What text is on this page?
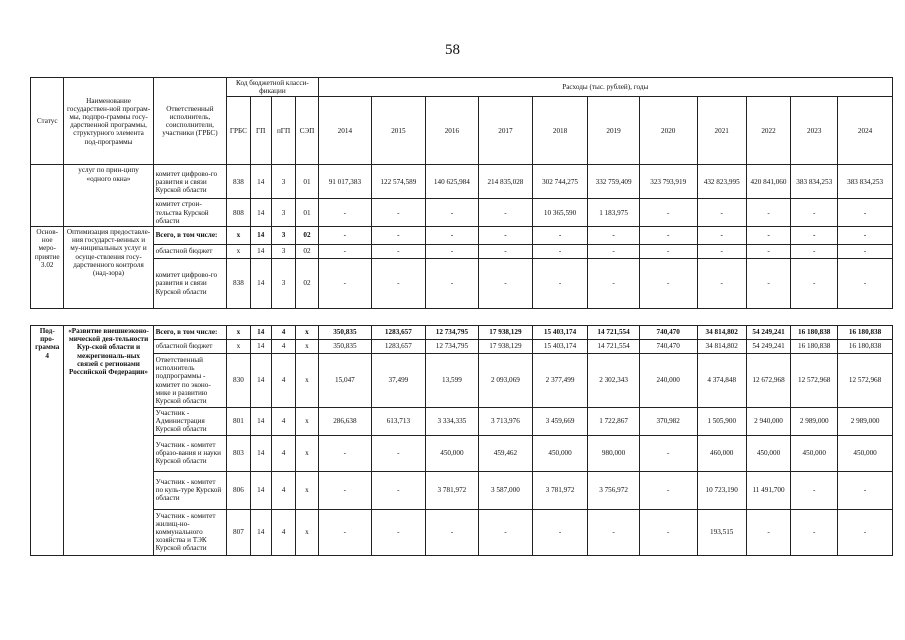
58
Статус	Наименование государствен-ной програм-мы, подпро-граммы госу-дарственной программы, структурного элемента под-программы	Ответственный исполнитель, соисполнители, участники (ГРБС)	Код бюджетной класси-фикации				Расходы (тыс. рублей), годы										
			ГРБС	ГП	пГП	СЭП	2014	2015	2016	2017	2018	2019	2020	2021	2022	2023	2024
	услуг по прин-ципу «одного окна»	комитет цифрово-го развития и связи Курской области	838	14	3	01	91 017,383	122 574,589	140 625,984	214 835,028	302 744,275	332 759,409	323 793,919	432 823,995	420 841,060	383 834,253	383 834,253
		комитет строи-тельства Курской области	808	14	3	01	-	-	-	-	10 365,590	1 183,975	-	-	-	-	-
Основ-ное меро-приятие 3.02	Оптимизация предоставле-ния государст-венных и му-ниципальных услуг и осуще-ствления госу-дарственного контроля (над-зора)	Всего, в том числе:	x	14	3	02	-	-	-	-	-	-	-	-	-	-	-
		областной бюджет	x	14	3	02	-	-	-	-	-	-	-	-	-	-	-
		комитет цифрово-го развития и связи Курской области	838	14	3	02	-	-	-	-	-	-	-	-	-	-	-

Под-про-грамма 4	«Развитие внешнеэконо-мической дея-тельности Кур-ской области и межрегиональ-ных связей с регионами Российской Федерации»	Всего, в том числе:	x	14	4	x	350,835	1283,657	12 734,795	17 938,129	15 403,174	14 721,554	740,470	34 814,802	54 249,241	16 180,838	16 180,838
		областной бюджет	x	14	4	x	350,835	1283,657	12 734,795	17 938,129	15 403,174	14 721,554	740,470	34 814,802	54 249,241	16 180,838	16 180,838
		Ответственный исполнитель подпрограммы - комитет по эконо-мике и развитию Курской области	830	14	4	x	15,047	37,499	13,599	2 093,069	2 377,499	2 302,343	240,000	4 374,848	12 672,968	12 572,968	12 572,968
		Участник - Администрация Курской области	801	14	4	x	286,638	613,713	3 334,335	3 713,976	3 459,669	1 722,867	370,982	1 505,900	2 940,000	2 989,000	2 989,000
		Участник - комитет образо-вания и науки Курской области	803	14	4	x	-	-	450,000	459,462	450,000	980,000	-	460,000	450,000	450,000	450,000
		Участник - комитет по куль-туре Курской области	806	14	4	x	-	-	3 781,972	3 587,000	3 781,972	3 756,972	-	10 723,190	11 491,700	-	-
		Участник - комитет жилищ-но-коммунального хозяйства и ТЭК Курской области	807	14	4	x	-	-	-	-	-	-	-	193,515	-	-	-
